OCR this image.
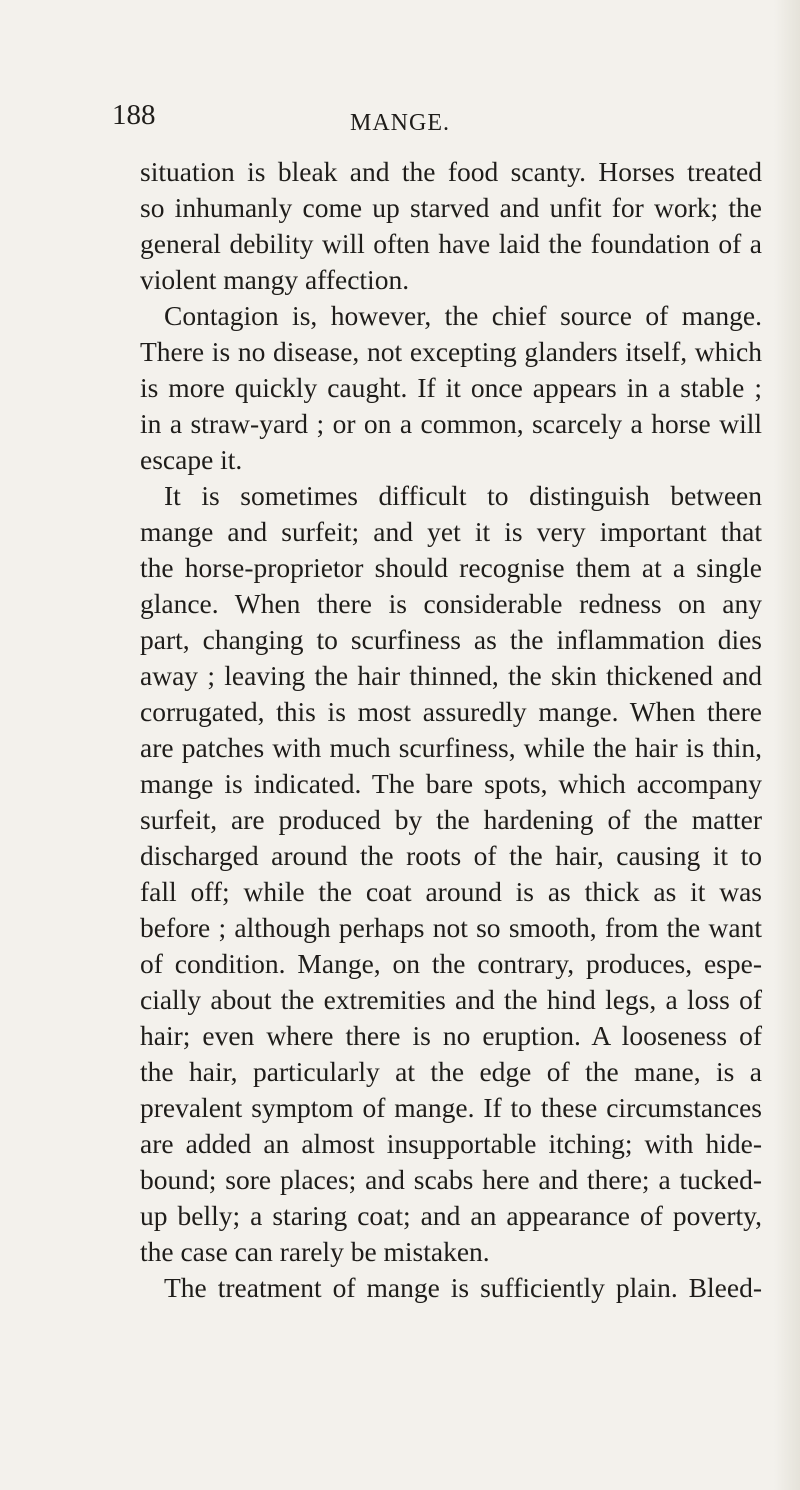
188	MANGE.
situation is bleak and the food scanty. Horses treated
so inhumanly come up starved and unfit for work; the
general debility will often have laid the foundation of a
violent mangy affection.
Contagion is, however, the chief source of mange.
There is no disease, not excepting glanders itself, which
is more quickly caught. If it once appears in a stable ;
in a straw-yard ; or on a common, scarcely a horse will
escape it.
It is sometimes difficult to distinguish between
mange and surfeit; and yet it is very important that
the horse-proprietor should recognise them at a single
glance. When there is considerable redness on any
part, changing to scurfiness as the inflammation dies
away ; leaving the hair thinned, the skin thickened and
corrugated, this is most assuredly mange. When there
are patches with much scurfiness, while the hair is thin,
mange is indicated. The bare spots, which accompany
surfeit, are produced by the hardening of the matter
discharged around the roots of the hair, causing it to
fall off; while the coat around is as thick as it was
before ; although perhaps not so smooth, from the want
of condition. Mange, on the contrary, produces, espe-
cially about the extremities and the hind legs, a loss of
hair; even where there is no eruption. A looseness of
the hair, particularly at the edge of the mane, is a
prevalent symptom of mange. If to these circumstances
are added an almost insupportable itching; with hide-
bound; sore places; and scabs here and there; a tucked-
up belly; a staring coat; and an appearance of poverty,
the case can rarely be mistaken.
The treatment of mange is sufficiently plain. Bleed-
